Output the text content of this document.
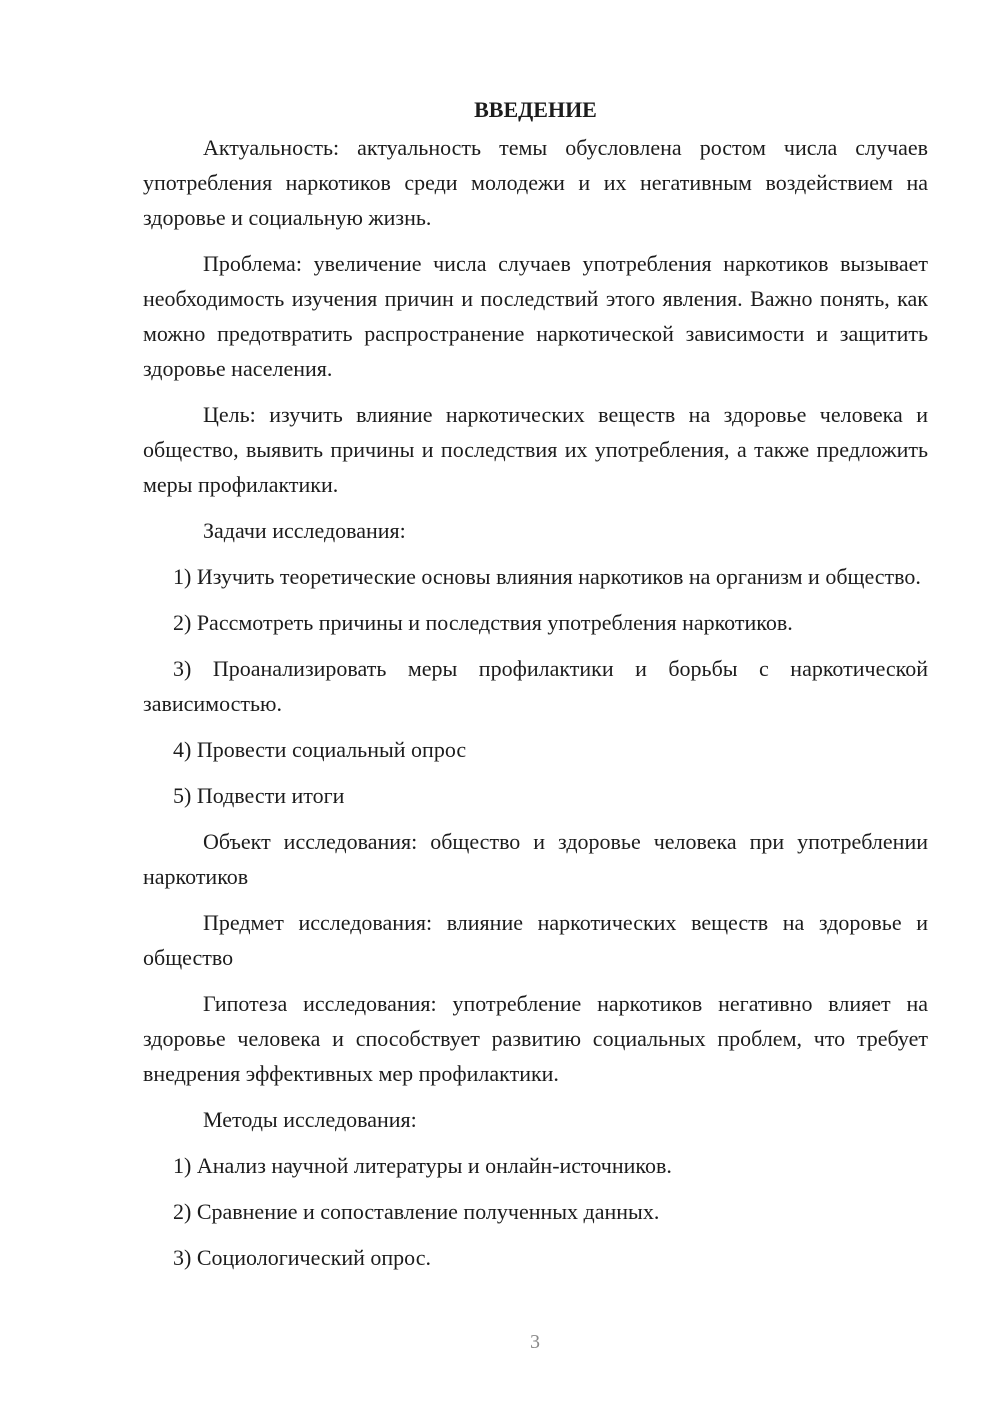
ВВЕДЕНИЕ

Актуальность: актуальность темы обусловлена ростом числа случаев употребления наркотиков среди молодежи и их негативным воздействием на здоровье и социальную жизнь.

Проблема: увеличение числа случаев употребления наркотиков вызывает необходимость изучения причин и последствий этого явления. Важно понять, как можно предотвратить распространение наркотической зависимости и защитить здоровье населения.

Цель: изучить влияние наркотических веществ на здоровье человека и общество, выявить причины и последствия их употребления, а также предложить меры профилактики.

Задачи исследования:

1) Изучить теоретические основы влияния наркотиков на организм и общество.

2) Рассмотреть причины и последствия употребления наркотиков.

3) Проанализировать меры профилактики и борьбы с наркотической зависимостью.

4) Провести социальный опрос

5) Подвести итоги

Объект исследования: общество и здоровье человека при употреблении наркотиков

Предмет исследования: влияние наркотических веществ на здоровье и общество

Гипотеза исследования: употребление наркотиков негативно влияет на здоровье человека и способствует развитию социальных проблем, что требует внедрения эффективных мер профилактики.

Методы исследования:

1) Анализ научной литературы и онлайн-источников.

2) Сравнение и сопоставление полученных данных.

3) Социологический опрос.

3
